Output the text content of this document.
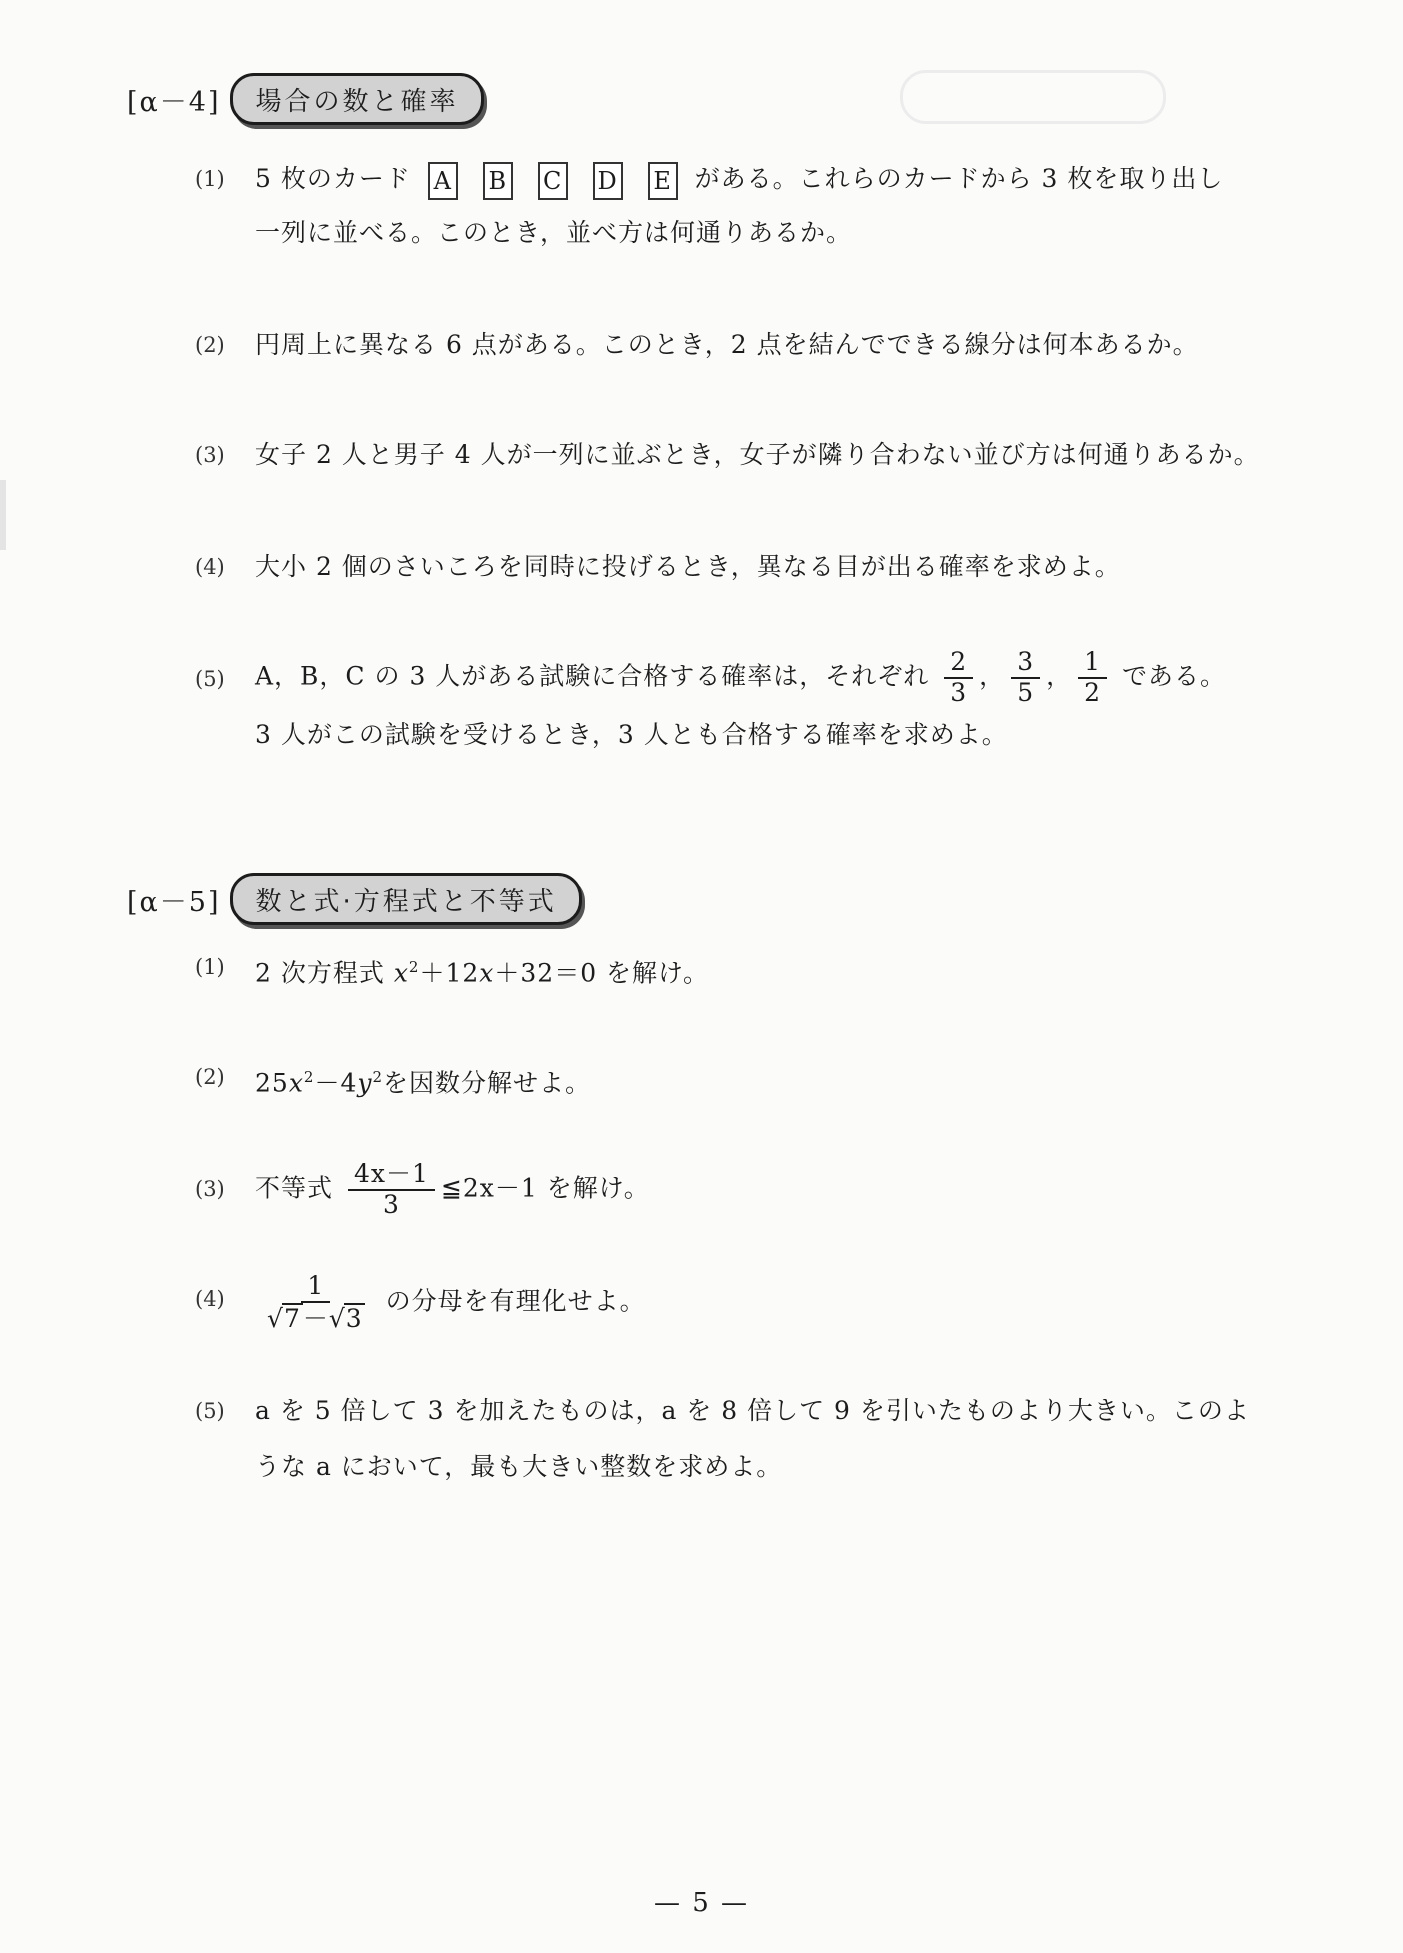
[α－4]	場合の数と確率
(1) 5 枚のカード A B C D E がある。これらのカードから 3 枚を取り出し
一列に並べる。このとき，並べ方は何通りあるか。
(2) 円周上に異なる 6 点がある。このとき，2 点を結んでできる線分は何本あるか。
(3) 女子 2 人と男子 4 人が一列に並ぶとき，女子が隣り合わない並び方は何通りあるか。
(4) 大小 2 個のさいころを同時に投げるとき，異なる目が出る確率を求めよ。
(5) A，B，C の 3 人がある試験に合格する確率は，それぞれ $\frac{2}{3}$ ， $\frac{3}{5}$ ， $\frac{1}{2}$ である。
3 人がこの試験を受けるとき，3 人とも合格する確率を求めよ。
[α－5]	数と式·方程式と不等式
(1) 2 次方程式 $x^2+12x+32=0$ を解け。
(2) $25x^2-4y^2$を因数分解せよ。
(3) 不等式 $\frac{4x-1}{3}$ ≦2x－1 を解け。
$(4) \frac{1}{√7-√3}$ の分母を有理化せよ。
(5) a を 5 倍して 3 を加えたものは，a を 8 倍して 9 を引いたものより大きい。このよ
うな a において，最も大きい整数を求めよ。
— 5 —
